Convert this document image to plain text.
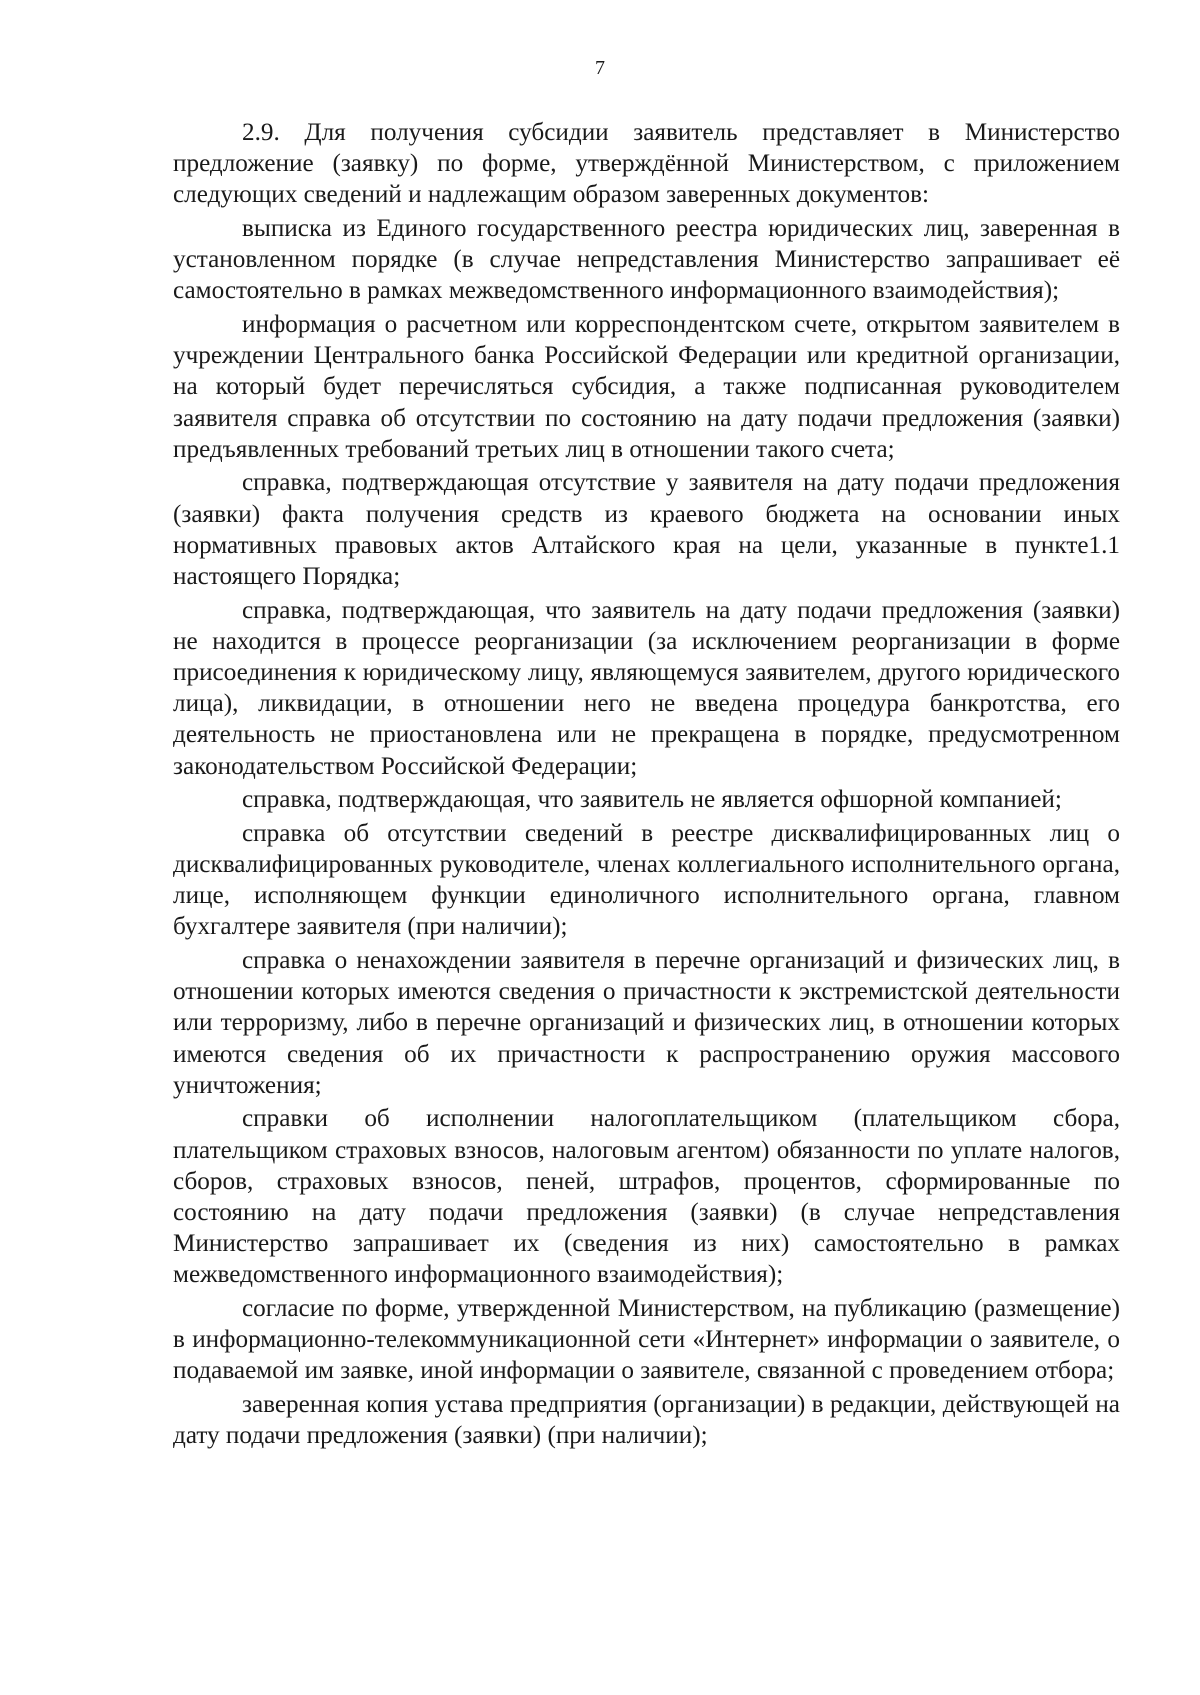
7

2.9. Для получения субсидии заявитель представляет в Министерство предложение (заявку) по форме, утверждённой Министерством, с приложением следующих сведений и надлежащим образом заверенных документов:

выписка из Единого государственного реестра юридических лиц, заверенная в установленном порядке (в случае непредставления Министерство запрашивает её самостоятельно в рамках межведомственного информационного взаимодействия);

информация о расчетном или корреспондентском счете, открытом заявителем в учреждении Центрального банка Российской Федерации или кредитной организации, на который будет перечисляться субсидия, а также подписанная руководителем заявителя справка об отсутствии по состоянию на дату подачи предложения (заявки) предъявленных требований третьих лиц в отношении такого счета;

справка, подтверждающая отсутствие у заявителя на дату подачи предложения (заявки) факта получения средств из краевого бюджета на основании иных нормативных правовых актов Алтайского края на цели, указанные в пункте1.1 настоящего Порядка;

справка, подтверждающая, что заявитель на дату подачи предложения (заявки) не находится в процессе реорганизации (за исключением реорганизации в форме присоединения к юридическому лицу, являющемуся заявителем, другого юридического лица), ликвидации, в отношении него не введена процедура банкротства, его деятельность не приостановлена или не прекращена в порядке, предусмотренном законодательством Российской Федерации;

справка, подтверждающая, что заявитель не является офшорной компанией;

справка об отсутствии сведений в реестре дисквалифицированных лиц о дисквалифицированных руководителе, членах коллегиального исполнительного органа, лице, исполняющем функции единоличного исполнительного органа, главном бухгалтере заявителя (при наличии);

справка о ненахождении заявителя в перечне организаций и физических лиц, в отношении которых имеются сведения о причастности к экстремистской деятельности или терроризму, либо в перечне организаций и физических лиц, в отношении которых имеются сведения об их причастности к распространению оружия массового уничтожения;

справки об исполнении налогоплательщиком (плательщиком сбора, плательщиком страховых взносов, налоговым агентом) обязанности по уплате налогов, сборов, страховых взносов, пеней, штрафов, процентов, сформированные по состоянию на дату подачи предложения (заявки) (в случае непредставления Министерство запрашивает их (сведения из них) самостоятельно в рамках межведомственного информационного взаимодействия);

согласие по форме, утвержденной Министерством, на публикацию (размещение) в информационно-телекоммуникационной сети «Интернет» информации о заявителе, о подаваемой им заявке, иной информации о заявителе, связанной с проведением отбора;

заверенная копия устава предприятия (организации) в редакции, действующей на дату подачи предложения (заявки) (при наличии);
